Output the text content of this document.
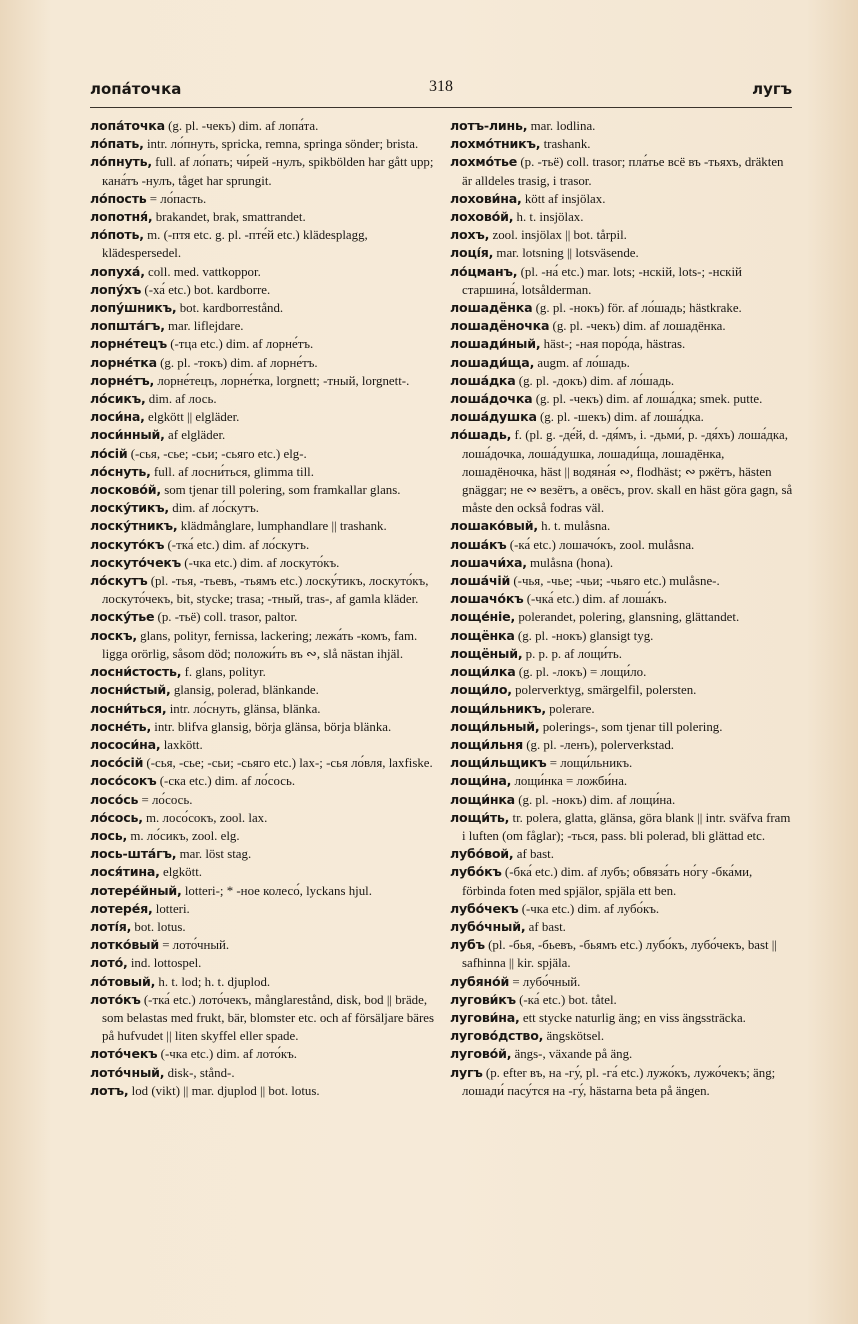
лопа́точка	318	лугъ
лопа́точка (g. pl. -чекъ) dim. af лопа́та.
ло́пать, intr. ло́пнуть, spricka, remna, springa sönder; brista.
ло́пнуть, full. af ло́пать; чи́рей -нулъ, spikbölden har gått upp; кана́тъ -нулъ, tåget har sprungit.
ло́пость = ло́пасть.
лопотня́, brakandet, brak, smattrandet.
ло́поть, m. (-птя etc. g. pl. -пте́й etc.) klädesplagg, klädespersedel.
лопуха́, coll. med. vattkoppor.
лопу́хъ (-ха́ etc.) bot. kardborre.
лопу́шникъ, bot. kardborrestånd.
лопшта́гъ, mar. liflejdare.
лорне́тецъ (-тца etc.) dim. af лорне́тъ.
лорне́тка (g. pl. -токъ) dim. af лорне́тъ.
лорне́тъ, лорне́тецъ, лорне́тка, lorgnett; -тный, lorgnett-.
ло́сикъ, dim. af лось.
лоси́на, elgkött || elgläder.
лоси́нный, af elgläder.
ло́сій (-сья, -сье; -сьи; -сьяго etc.) elg-.
ло́снуть, full. af лосни́ться, glimma till.
лосково́й, som tjenar till polering, som framkallar glans.
лоску́тикъ, dim. af ло́скутъ.
лоску́тникъ, klädmånglare, lumphandlare || trashank.
лоскуто́къ (-тка́ etc.) dim. af ло́скутъ.
лоскуто́чекъ (-чка etc.) dim. af лоскуто́къ.
ло́скутъ (pl. -тья, -тьевъ, -тьямъ etc.) лоску́тикъ, лоскуто́къ, лоскуто́чекъ, bit, stycke; trasa; -тный, tras-, af gamla kläder.
лоску́тье (p. -тьё) coll. trasor, paltor.
лоскъ, glans, polityr, fernissa, lackering; лежа́ть -комъ, fam. ligga orörlig, såsom död; положи́ть въ ∾, slå nästan ihjäl.
лосни́стость, f. glans, polityr.
лосни́стый, glansig, polerad, blänkande.
лосни́ться, intr. ло́снуть, glänsa, blänka.
лосне́ть, intr. blifva glansig, börja glänsa, börja blänka.
лососи́на, laxkött.
лосо́сій (-сья, -сье; -сьи; -сьяго etc.) lax-; -сья ло́вля, laxfiske.
лосо́сокъ (-ска etc.) dim. af ло́сось.
лосо́сь = ло́сось.
ло́сось, m. лосо́сокъ, zool. lax.
лось, m. ло́сикъ, zool. elg.
лось-шта́гъ, mar. löst stag.
лося́тина, elgkött.
лотере́йный, lotteri-; * -ное колесо́, lyckans hjul.
лотере́я, lotteri.
лоті́я, bot. lotus.
лотко́вый = лото́чный.
лото́, ind. lottospel.
ло́товый, h. t. lod; h. t. djuplod.
лото́къ (-тка́ etc.) лото́чекъ, månglarestånd, disk, bod || bräde, som belastas med frukt, bär, blomster etc. och af försäljare bäres på hufvudet || liten skyffel eller spade.
лото́чекъ (-чка etc.) dim. af лото́къ.
лото́чный, disk-, stånd-.
лотъ, lod (vikt) || mar. djuplod || bot. lotus.
лотъ-линь, mar. lodlina.
лохмо́тникъ, trashank.
лохмо́тье (p. -тьё) coll. trasor; пла́тье всё въ -тьяхъ, dräkten är alldeles trasig, i trasor.
лохови́на, kött af insjölax.
лохово́й, h. t. insjölax.
лохъ, zool. insjölax || bot. tårpil.
лоці́я, mar. lotsning || lotsväsende.
ло́цманъ, (pl. -на́ etc.) mar. lots; -нскій, lots-; -нскій старшина́, lotsålderman.
лошадёнка (g. pl. -нокъ) för. af ло́шадь; hästkrake.
лошадёночка (g. pl. -чекъ) dim. af лошадёнка.
лошади́ный, häst-; -ная поро́да, hästras.
лошади́ща, augm. af ло́шадь.
лоша́дка (g. pl. -докъ) dim. af ло́шадь.
лоша́дочка (g. pl. -чекъ) dim. af лоша́дка; smek. putte.
лоша́душка (g. pl. -шекъ) dim. af лоша́дка.
ло́шадь, f. (pl. g. -де́й, d. -дя́мъ, i. -дьми́, p. -дя́хъ) лоша́дка, лоша́дочка, лоша́душка, лошади́ща, лошадёнка, лошадёночка, häst || водяна́я ∾, flodhäst; ∾ ржётъ, hästen gnäggar; не ∾ везётъ, а овёсъ, prov. skall en häst göra gagn, så måste den också fodras väl.
лошако́вый, h. t. mulåsna.
лоша́къ (-ка́ etc.) лошачо́къ, zool. mulåsna.
лошачи́ха, mulåsna (hona).
лоша́чій (-чья, -чье; -чьи; -чьяго etc.) mulåsne-.
лошачо́къ (-чка́ etc.) dim. af лоша́къ.
лоще́ніе, polerandet, polering, glansning, glättandet.
лощёнка (g. pl. -нокъ) glansigt tyg.
лощёный, p. p. p. af лощи́ть.
лощи́лка (g. pl. -локъ) = лощи́ло.
лощи́ло, polerverktyg, smärgelfil, polersten.
лощи́льникъ, polerare.
лощи́льный, polerings-, som tjenar till polering.
лощи́льня (g. pl. -ленъ), polerverkstad.
лощи́льщикъ = лощи́льникъ.
лощи́на, лощи́нка = ложби́на.
лощи́нка (g. pl. -нокъ) dim. af лощи́на.
лощи́ть, tr. polera, glatta, glänsa, göra blank || intr. sväfva fram i luften (om fåglar); -ться, pass. bli polerad, bli glättad etc.
лубо́вой, af bast.
лубо́къ (-бка́ etc.) dim. af лубъ; обвяза́ть но́гу -бка́ми, förbinda foten med spjälor, spjäla ett ben.
лубо́чекъ (-чка etc.) dim. af лубо́къ.
лубо́чный, af bast.
лубъ (pl. -бья, -бьевъ, -бьямъ etc.) лубо́къ, лубо́чекъ, bast || safhinna || kir. spjäla.
лубяно́й = лубо́чный.
лугови́къ (-ка́ etc.) bot. tåtel.
лугови́на, ett stycke naturlig äng; en viss ängssträcka.
лугово́дство, ängskötsel.
лугово́й, ängs-, växande på äng.
лугъ (p. efter въ, на -гу́, pl. -га́ etc.) лужо́къ, лужо́чекъ; äng; лошади́ пасу́тся на -гу́, hästarna beta på ängen.
